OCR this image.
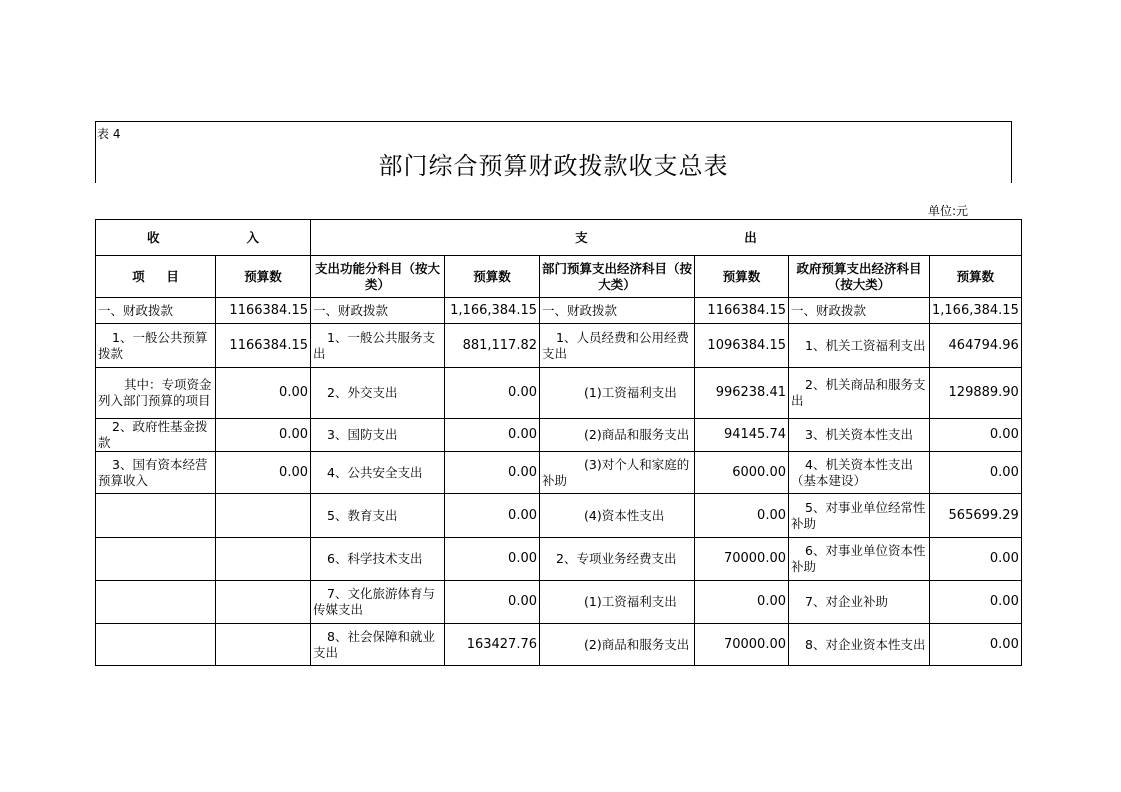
表 4
部门综合预算财政拨款收支总表
单位:元
收                    入		支                                    出					
项     目	预算数	支出功能分科目（按大类）	预算数	部门预算支出经济科目（按大类）	预算数	政府预算支出经济科目（按大类）	预算数
一、财政拨款	1166384.15	一、财政拨款	1,166,384.15	一、财政拨款	1166384.15	一、财政拨款	1,166,384.15
1、一般公共预算拨款	1166384.15	1、一般公共服务支出	881,117.82	1、人员经费和公用经费支出	1096384.15	1、机关工资福利支出	464794.96
其中：专项资金列入部门预算的项目	0.00	2、外交支出	0.00	(1)工资福利支出	996238.41	2、机关商品和服务支出	129889.90
2、政府性基金拨款	0.00	3、国防支出	0.00	(2)商品和服务支出	94145.74	3、机关资本性支出	0.00
3、国有资本经营预算收入	0.00	4、公共安全支出	0.00	(3)对个人和家庭的补助	6000.00	4、机关资本性支出（基本建设）	0.00
		5、教育支出	0.00	(4)资本性支出	0.00	5、对事业单位经常性补助	565699.29
		6、科学技术支出	0.00	2、专项业务经费支出	70000.00	6、对事业单位资本性补助	0.00
		7、文化旅游体育与传媒支出	0.00	(1)工资福利支出	0.00	7、对企业补助	0.00
		8、社会保障和就业支出	163427.76	(2)商品和服务支出	70000.00	8、对企业资本性支出	0.00
